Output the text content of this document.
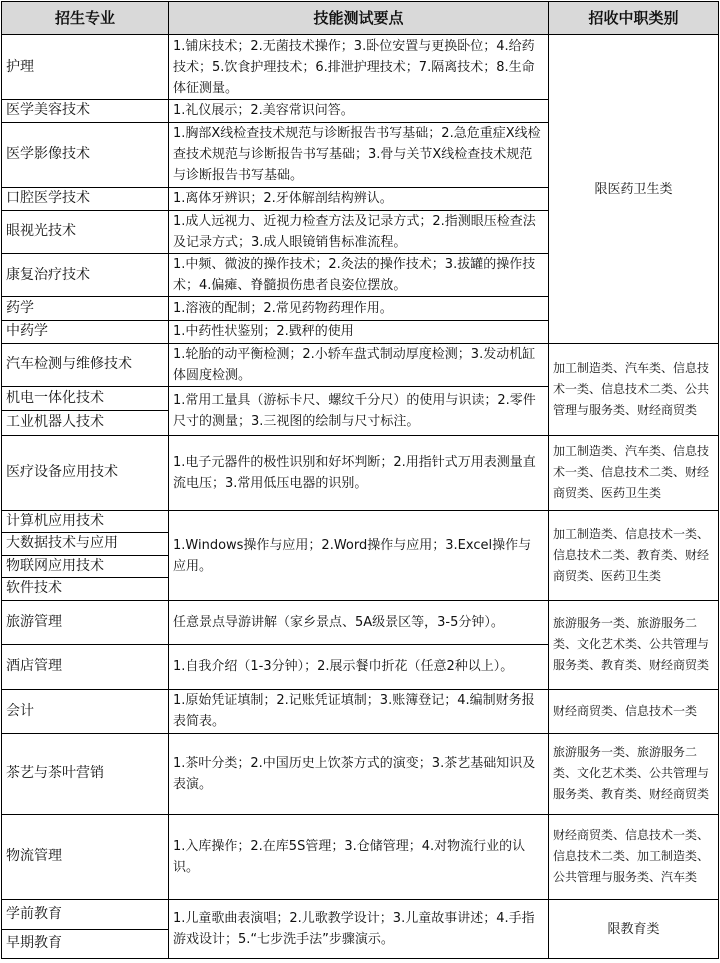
招生专业	技能测试要点	招收中职类别
护理	1.铺床技术；2.无菌技术操作；3.卧位安置与更换卧位；4.给药技术；5.饮食护理技术；6.排泄护理技术；7.隔离技术；8.生命体征测量。	限医药卫生类
医学美容技术	1.礼仪展示；2.美容常识问答。	
医学影像技术	1.胸部X线检查技术规范与诊断报告书写基础；2.急危重症X线检查技术规范与诊断报告书写基础；3.骨与关节X线检查技术规范与诊断报告书写基础。	
口腔医学技术	1.离体牙辨识；2.牙体解剖结构辨认。	
眼视光技术	1.成人远视力、近视力检查方法及记录方式；2.指测眼压检查法及记录方式；3.成人眼镜销售标准流程。	
康复治疗技术	1.中频、微波的操作技术；2.灸法的操作技术；3.拔罐的操作技术；4.偏瘫、脊髓损伤患者良姿位摆放。	
药学	1.溶液的配制；2.常见药物药理作用。	
中药学	1.中药性状鉴别；2.戥秤的使用	
汽车检测与维修技术	1.轮胎的动平衡检测；2.小轿车盘式制动厚度检测；3.发动机缸体圆度检测。	加工制造类、汽车类、信息技术一类、信息技术二类、公共管理与服务类、财经商贸类
机电一体化技术	1.常用工量具（游标卡尺、螺纹千分尺）的使用与识读；2.零件尺寸的测量；3.三视图的绘制与尺寸标注。	
工业机器人技术		
医疗设备应用技术	1.电子元器件的极性识别和好坏判断；2.用指针式万用表测量直流电压；3.常用低压电器的识别。	加工制造类、汽车类、信息技术一类、信息技术二类、财经商贸类、医药卫生类
计算机应用技术	1.Windows操作与应用；2.Word操作与应用；3.Excel操作与应用。	加工制造类、信息技术一类、信息技术二类、教育类、财经商贸类、医药卫生类
大数据技术与应用		
物联网应用技术		
软件技术		
旅游管理	任意景点导游讲解（家乡景点、5A级景区等，3-5分钟）。	旅游服务一类、旅游服务二类、文化艺术类、公共管理与服务类、教育类、财经商贸类
酒店管理	1.自我介绍（1-3分钟）；2.展示餐巾折花（任意2种以上）。	
会计	1.原始凭证填制；2.记账凭证填制；3.账簿登记；4.编制财务报表简表。	财经商贸类、信息技术一类
茶艺与茶叶营销	1.茶叶分类；2.中国历史上饮茶方式的演变；3.茶艺基础知识及表演。	旅游服务一类、旅游服务二类、文化艺术类、公共管理与服务类、教育类、财经商贸类
物流管理	1.入库操作；2.在库5S管理；3.仓储管理；4.对物流行业的认识。	财经商贸类、信息技术一类、信息技术二类、加工制造类、公共管理与服务类、汽车类
学前教育	1.儿童歌曲表演唱；2.儿歌教学设计；3.儿童故事讲述；4.手指游戏设计；5.“七步洗手法”步骤演示。	限教育类
早期教育		
